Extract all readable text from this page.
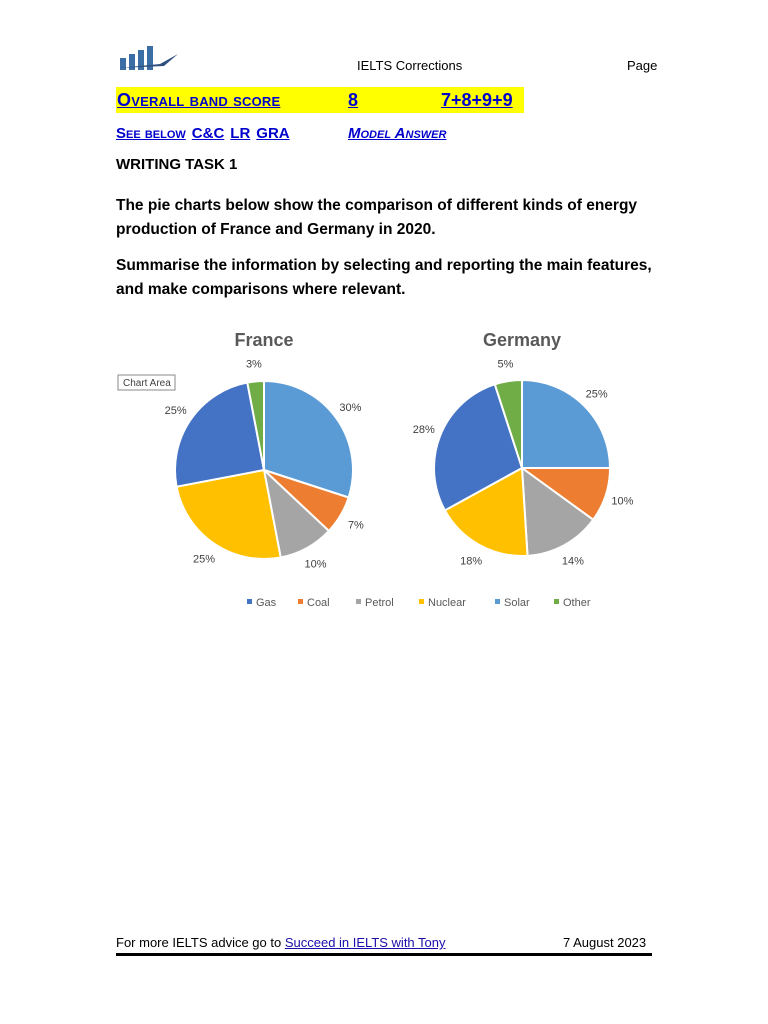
IELTS Corrections	Page
Overall band score	8	7+8+9+9
See below C&C LR GRA	Model Answer
WRITING TASK 1
The pie charts below show the comparison of different kinds of energy production of France and Germany in 2020.
Summarise the information by selecting and reporting the main features, and make comparisons where relevant.
Chart Area
France
30%
7%
10%
25%
25%
3%
Germany
25%
10%
14%
18%
28%
5%
Gas	Coal	Petrol	Nuclear	Solar	Other
For more IELTS advice go to Succeed in IELTS with Tony	7 August 2023
